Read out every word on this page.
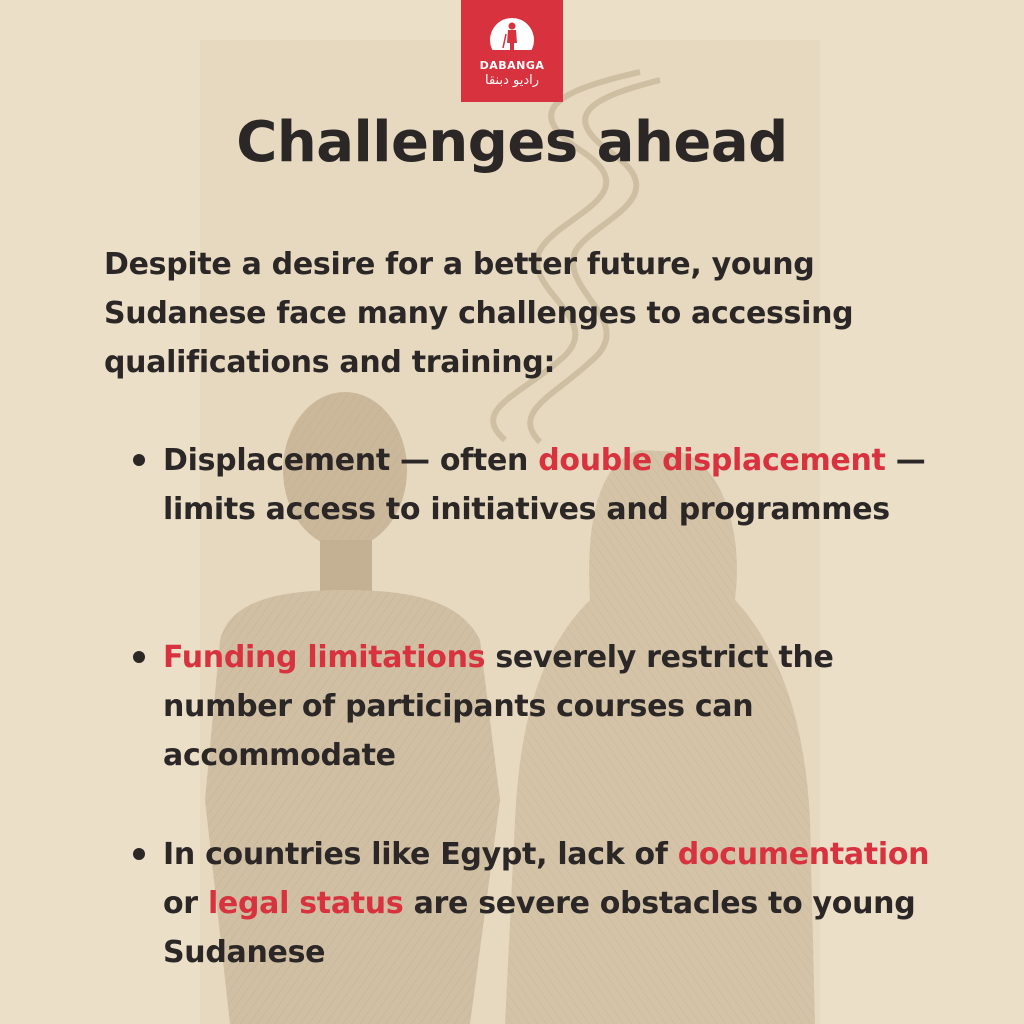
DABANGA
راديو دبنقا
Challenges ahead
Despite a desire for a better future, young Sudanese face many challenges to accessing qualifications and training:
Displacement — often double displacement — limits access to initiatives and programmes
Funding limitations severely restrict the number of participants courses can accommodate
In countries like Egypt, lack of documentation or legal status are severe obstacles to young Sudanese
